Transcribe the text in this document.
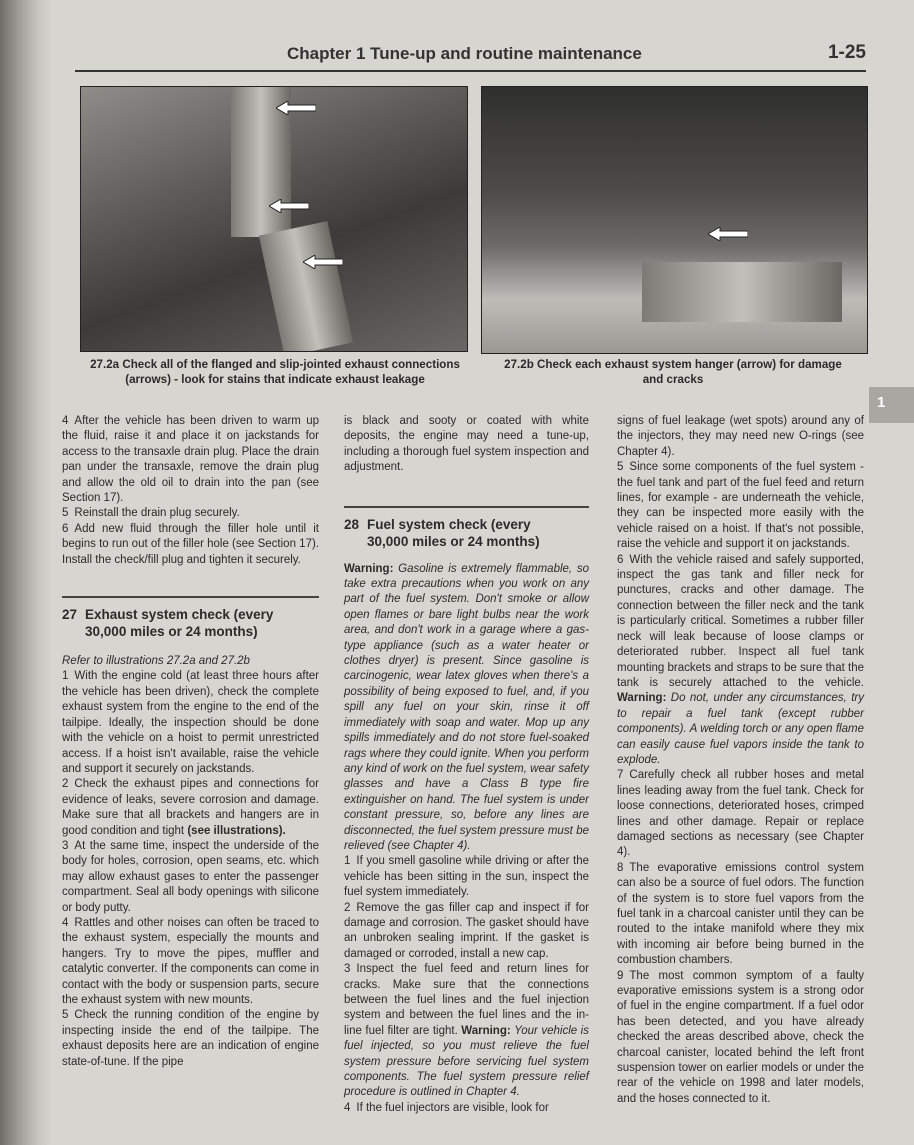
Chapter 1 Tune-up and routine maintenance	1-25
27.2a Check all of the flanged and slip-jointed exhaust connections (arrows) - look for stains that indicate exhaust leakage
27.2b Check each exhaust system hanger (arrow) for damage and cracks
1

4 After the vehicle has been driven to warm up the fluid, raise it and place it on jackstands for access to the transaxle drain plug. Place the drain pan under the transaxle, remove the drain plug and allow the old oil to drain into the pan (see Section 17).

5 Reinstall the drain plug securely.

6 Add new fluid through the filler hole until it begins to run out of the filler hole (see Section 17). Install the check/fill plug and tighten it securely.

27 Exhaust system check (every 30,000 miles or 24 months)

Refer to illustrations 27.2a and 27.2b

1 With the engine cold (at least three hours after the vehicle has been driven), check the complete exhaust system from the engine to the end of the tailpipe. Ideally, the inspection should be done with the vehicle on a hoist to permit unrestricted access. If a hoist isn't available, raise the vehicle and support it securely on jackstands.

2 Check the exhaust pipes and connections for evidence of leaks, severe corrosion and damage. Make sure that all brackets and hangers are in good condition and tight (see illustrations).

3 At the same time, inspect the underside of the body for holes, corrosion, open seams, etc. which may allow exhaust gases to enter the passenger compartment. Seal all body openings with silicone or body putty.

4 Rattles and other noises can often be traced to the exhaust system, especially the mounts and hangers. Try to move the pipes, muffler and catalytic converter. If the components can come in contact with the body or suspension parts, secure the exhaust system with new mounts.

5 Check the running condition of the engine by inspecting inside the end of the tailpipe. The exhaust deposits here are an indication of engine state-of-tune. If the pipe

is black and sooty or coated with white deposits, the engine may need a tune-up, including a thorough fuel system inspection and adjustment.

28 Fuel system check (every 30,000 miles or 24 months)

Warning: Gasoline is extremely flammable, so take extra precautions when you work on any part of the fuel system. Don't smoke or allow open flames or bare light bulbs near the work area, and don't work in a garage where a gas-type appliance (such as a water heater or clothes dryer) is present. Since gasoline is carcinogenic, wear latex gloves when there's a possibility of being exposed to fuel, and, if you spill any fuel on your skin, rinse it off immediately with soap and water. Mop up any spills immediately and do not store fuel-soaked rags where they could ignite. When you perform any kind of work on the fuel system, wear safety glasses and have a Class B type fire extinguisher on hand. The fuel system is under constant pressure, so, before any lines are disconnected, the fuel system pressure must be relieved (see Chapter 4).

1 If you smell gasoline while driving or after the vehicle has been sitting in the sun, inspect the fuel system immediately.

2 Remove the gas filler cap and inspect if for damage and corrosion. The gasket should have an unbroken sealing imprint. If the gasket is damaged or corroded, install a new cap.

3 Inspect the fuel feed and return lines for cracks. Make sure that the connections between the fuel lines and the fuel injection system and between the fuel lines and the in-line fuel filter are tight. Warning: Your vehicle is fuel injected, so you must relieve the fuel system pressure before servicing fuel system components. The fuel system pressure relief procedure is outlined in Chapter 4.

4 If the fuel injectors are visible, look for

signs of fuel leakage (wet spots) around any of the injectors, they may need new O-rings (see Chapter 4).

5 Since some components of the fuel system - the fuel tank and part of the fuel feed and return lines, for example - are underneath the vehicle, they can be inspected more easily with the vehicle raised on a hoist. If that's not possible, raise the vehicle and support it on jackstands.

6 With the vehicle raised and safely supported, inspect the gas tank and filler neck for punctures, cracks and other damage. The connection between the filler neck and the tank is particularly critical. Sometimes a rubber filler neck will leak because of loose clamps or deteriorated rubber. Inspect all fuel tank mounting brackets and straps to be sure that the tank is securely attached to the vehicle. Warning: Do not, under any circumstances, try to repair a fuel tank (except rubber components). A welding torch or any open flame can easily cause fuel vapors inside the tank to explode.

7 Carefully check all rubber hoses and metal lines leading away from the fuel tank. Check for loose connections, deteriorated hoses, crimped lines and other damage. Repair or replace damaged sections as necessary (see Chapter 4).

8 The evaporative emissions control system can also be a source of fuel odors. The function of the system is to store fuel vapors from the fuel tank in a charcoal canister until they can be routed to the intake manifold where they mix with incoming air before being burned in the combustion chambers.

9 The most common symptom of a faulty evaporative emissions system is a strong odor of fuel in the engine compartment. If a fuel odor has been detected, and you have already checked the areas described above, check the charcoal canister, located behind the left front suspension tower on earlier models or under the rear of the vehicle on 1998 and later models, and the hoses connected to it.
